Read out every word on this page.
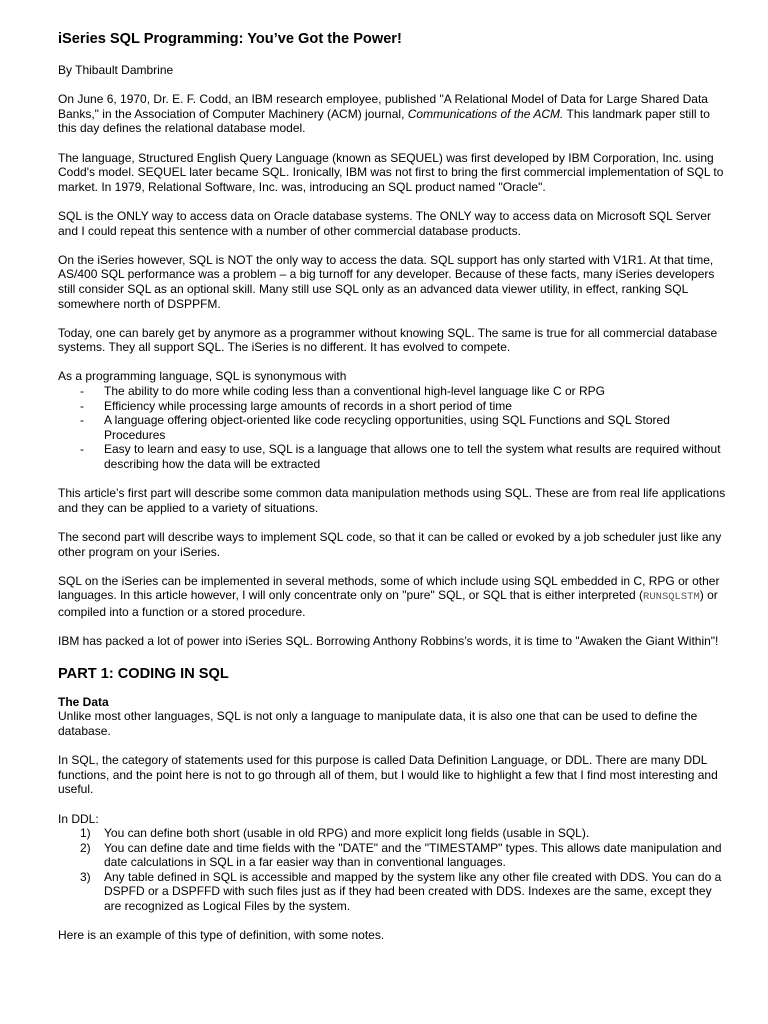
iSeries SQL Programming: You’ve Got the Power!

By Thibault Dambrine

On June 6, 1970, Dr. E. F. Codd, an IBM research employee, published "A Relational Model of Data for Large Shared Data Banks," in the Association of Computer Machinery (ACM) journal, Communications of the ACM. This landmark paper still to this day defines the relational database model.

The language, Structured English Query Language (known as SEQUEL) was first developed by IBM Corporation, Inc. using Codd's model. SEQUEL later became SQL. Ironically, IBM was not first to bring the first commercial implementation of SQL to market. In 1979, Relational Software, Inc. was, introducing an SQL product named "Oracle".

SQL is the ONLY way to access data on Oracle database systems. The ONLY way to access data on Microsoft SQL Server and I could repeat this sentence with a number of other commercial database products.

On the iSeries however, SQL is NOT the only way to access the data. SQL support has only started with V1R1. At that time, AS/400 SQL performance was a problem – a big turnoff for any developer. Because of these facts, many iSeries developers still consider SQL as an optional skill. Many still use SQL only as an advanced data viewer utility, in effect, ranking SQL somewhere north of DSPPFM.

Today, one can barely get by anymore as a programmer without knowing SQL. The same is true for all commercial database systems. They all support SQL. The iSeries is no different. It has evolved to compete.

As a programming language, SQL is synonymous with

- The ability to do more while coding less than a conventional high-level language like C or RPG
- Efficiency while processing large amounts of records in a short period of time
- A language offering object-oriented like code recycling opportunities, using SQL Functions and SQL Stored Procedures
- Easy to learn and easy to use, SQL is a language that allows one to tell the system what results are required without describing how the data will be extracted

This article’s first part will describe some common data manipulation methods using SQL. These are from real life applications and they can be applied to a variety of situations.

The second part will describe ways to implement SQL code, so that it can be called or evoked by a job scheduler just like any other program on your iSeries.

SQL on the iSeries can be implemented in several methods, some of which include using SQL embedded in C, RPG or other languages. In this article however, I will only concentrate only on "pure" SQL, or SQL that is either interpreted (RUNSQLSTM) or compiled into a function or a stored procedure.

IBM has packed a lot of power into iSeries SQL. Borrowing Anthony Robbins’s words, it is time to "Awaken the Giant Within"!

PART 1: CODING IN SQL

The Data

Unlike most other languages, SQL is not only a language to manipulate data, it is also one that can be used to define the database.

In SQL, the category of statements used for this purpose is called Data Definition Language, or DDL. There are many DDL functions, and the point here is not to go through all of them, but I would like to highlight a few that I find most interesting and useful.

In DDL:

1) You can define both short (usable in old RPG) and more explicit long fields (usable in SQL).
2) You can define date and time fields with the "DATE" and the "TIMESTAMP" types. This allows date manipulation and date calculations in SQL in a far easier way than in conventional languages.
3) Any table defined in SQL is accessible and mapped by the system like any other file created with DDS. You can do a DSPFD or a DSPFFD with such files just as if they had been created with DDS. Indexes are the same, except they are recognized as Logical Files by the system.

Here is an example of this type of definition, with some notes.
